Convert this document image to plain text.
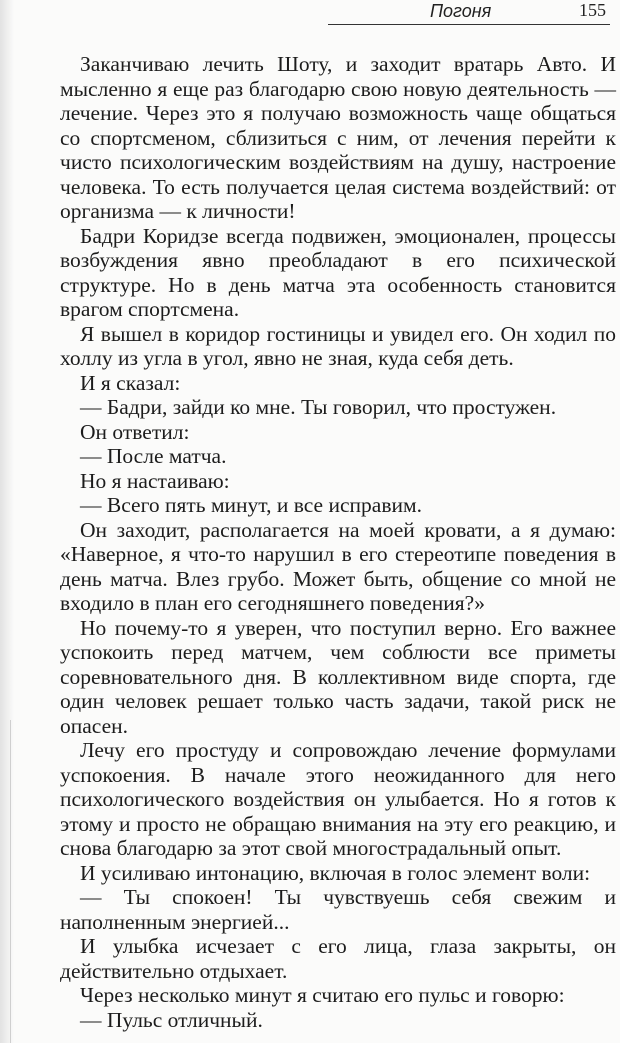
Погоня	155

Заканчиваю лечить Шоту, и заходит вратарь Авто. И мысленно я еще раз благодарю свою новую деятельность — лечение. Через это я получаю возможность чаще общаться со спортсменом, сблизиться с ним, от лечения перейти к чисто психологическим воздействиям на душу, настроение человека. То есть получается целая система воздействий: от организма — к личности!

Бадри Коридзе всегда подвижен, эмоционален, процессы возбуждения явно преобладают в его психической структуре. Но в день матча эта особенность становится врагом спортсмена.

Я вышел в коридор гостиницы и увидел его. Он ходил по холлу из угла в угол, явно не зная, куда себя деть.

И я сказал:

— Бадри, зайди ко мне. Ты говорил, что простужен.

Он ответил:

— После матча.

Но я настаиваю:

— Всего пять минут, и все исправим.

Он заходит, располагается на моей кровати, а я думаю: «Наверное, я что-то нарушил в его стереотипе поведения в день матча. Влез грубо. Может быть, общение со мной не входило в план его сегодняшнего поведения?»

Но почему-то я уверен, что поступил верно. Его важнее успокоить перед матчем, чем соблюсти все приметы соревновательного дня. В коллективном виде спорта, где один человек решает только часть задачи, такой риск не опасен.

Лечу его простуду и сопровождаю лечение формулами успокоения. В начале этого неожиданного для него психологического воздействия он улыбается. Но я готов к этому и просто не обращаю внимания на эту его реакцию, и снова благодарю за этот свой многострадальный опыт.

И усиливаю интонацию, включая в голос элемент воли:

— Ты спокоен! Ты чувствуешь себя свежим и наполненным энергией...

И улыбка исчезает с его лица, глаза закрыты, он действительно отдыхает.

Через несколько минут я считаю его пульс и говорю:

— Пульс отличный.
